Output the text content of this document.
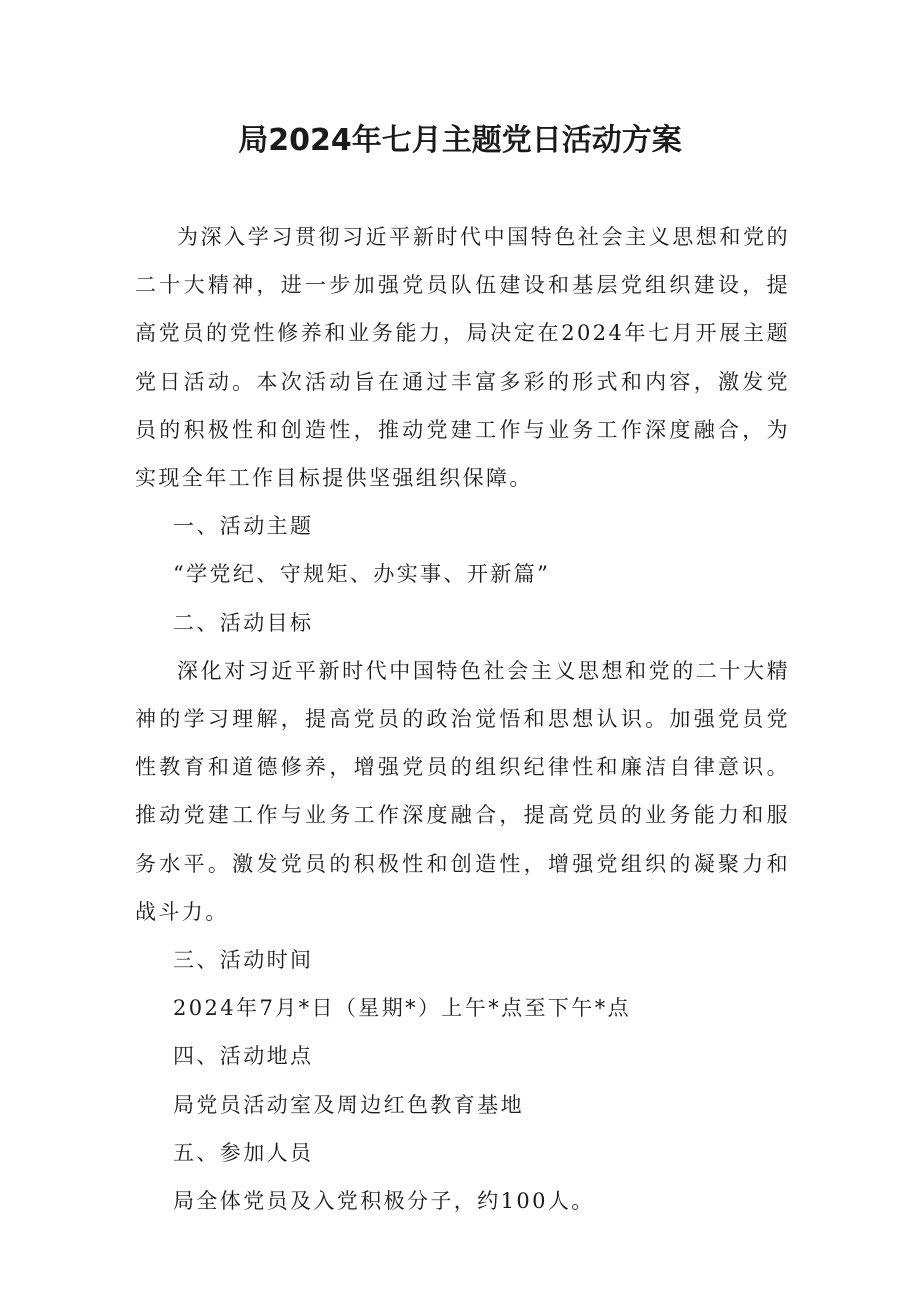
局2024年七月主题党日活动方案

为深入学习贯彻习近平新时代中国特色社会主义思想和党的二十大精神，进一步加强党员队伍建设和基层党组织建设，提高党员的党性修养和业务能力，局决定在2024年七月开展主题党日活动。本次活动旨在通过丰富多彩的形式和内容，激发党员的积极性和创造性，推动党建工作与业务工作深度融合，为实现全年工作目标提供坚强组织保障。

一、活动主题

“学党纪、守规矩、办实事、开新篇”

二、活动目标

深化对习近平新时代中国特色社会主义思想和党的二十大精神的学习理解，提高党员的政治觉悟和思想认识。加强党员党性教育和道德修养，增强党员的组织纪律性和廉洁自律意识。推动党建工作与业务工作深度融合，提高党员的业务能力和服务水平。激发党员的积极性和创造性，增强党组织的凝聚力和战斗力。

三、活动时间

2024年7月*日（星期*）上午*点至下午*点

四、活动地点

局党员活动室及周边红色教育基地

五、参加人员

局全体党员及入党积极分子，约100人。
